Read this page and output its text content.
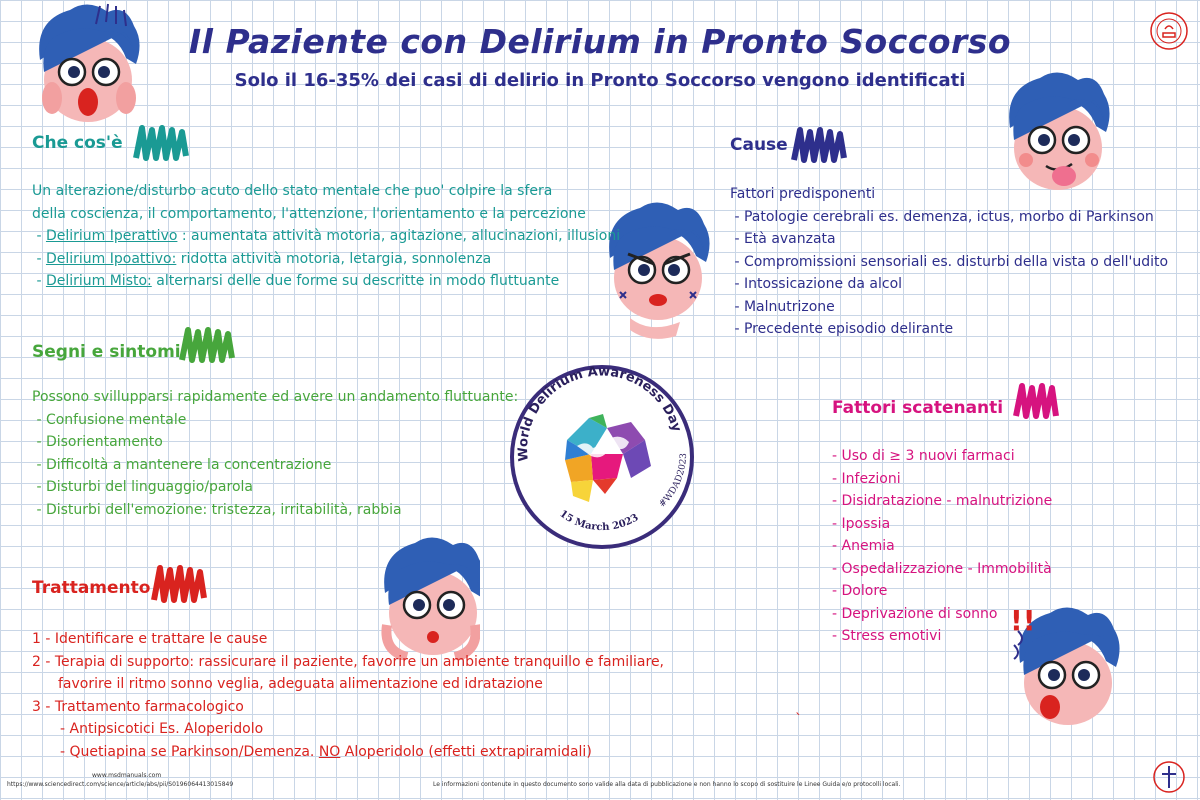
Il Paziente con Delirium in Pronto Soccorso
Solo il 16-35% dei casi di delirio in Pronto Soccorso vengono identificati
!!
Che cos'è
Un alterazione/disturbo acuto dello stato mentale che puo' colpire la sfera
della coscienza, il comportamento, l'attenzione, l'orientamento e la percezione
- Delirium Iperattivo : aumentata attività motoria, agitazione, allucinazioni, illusioni
- Delirium Ipoattivo: ridotta attività motoria, letargia, sonnolenza
- Delirium Misto: alternarsi delle due forme su descritte in modo fluttuante
Segni e sintomi
Possono svillupparsi rapidamente ed avere un andamento fluttuante:
- Confusione mentale
- Disorientamento
- Difficoltà a mantenere la concentrazione
- Disturbi del linguaggio/parola
- Disturbi dell'emozione: tristezza, irritabilità, rabbia
Trattamento
1 - Identificare e trattare le cause
2 - Terapia di supporto: rassicurare il paziente, favorire un ambiente tranquillo e familiare,
favorire il ritmo sonno veglia, adeguata alimentazione ed idratazione
3 - Trattamento farmacologico
- Antipsicotici Es. Aloperidolo
- Quetiapina se Parkinson/Demenza. NO Aloperidolo (effetti extrapiramidali)
Cause
Fattori predisponenti
- Patologie cerebrali es. demenza, ictus, morbo di Parkinson
- Età avanzata
- Compromissioni sensoriali es. disturbi della vista o dell'udito
- Intossicazione da alcol
- Malnutrizone
- Precedente episodio delirante
Fattori scatenanti
- Uso di ≥ 3 nuovi farmaci
- Infezioni
- Disidratazione - malnutrizione
- Ipossia
- Anemia
- Ospedalizzazione - Immobilità
- Dolore
- Deprivazione di sonno
- Stress emotivi
World Delirium Awareness Day
15 March 2023
#WDAD2023
`
www.msdmanuals.com
https://www.sciencedirect.com/science/article/abs/pii/S0196064413015849	Le informazioni contenute in questo documento sono valide alla data di pubblicazione e non hanno lo scopo di sostituire le Linee Guida e/o protocolli locali.
